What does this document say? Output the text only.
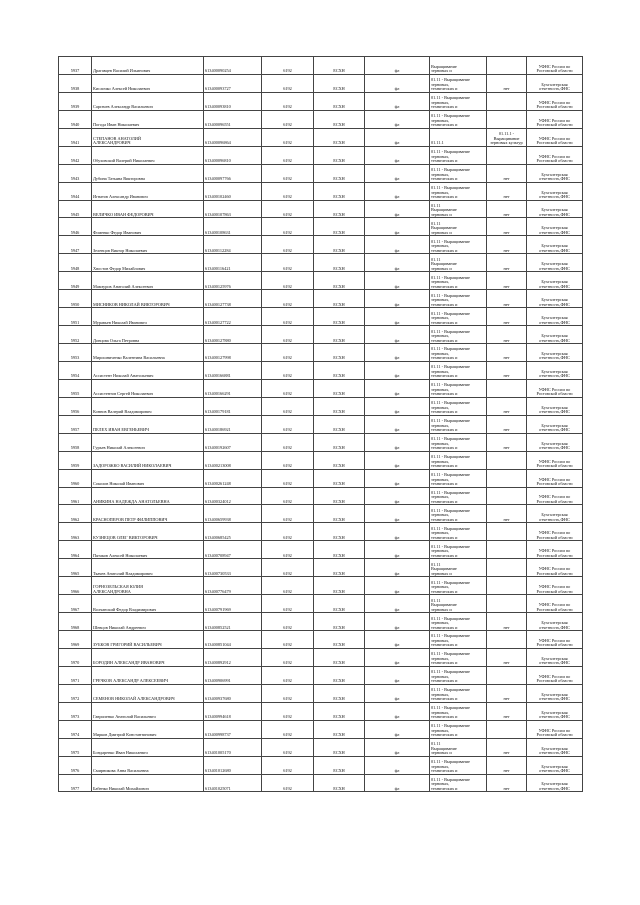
5937	Драгавцев Василий Ильинович	613400090254	6192	ЕСХН	фл	Выращивание
зерновых и		УФНС России по
Ростовской области
5938	Кисличко Алексей Николаевич	613400093727	6192	ЕСХН	фл	01.11 - Выращивание
зерновых,
технических и	нет	Бухгалтерская
отчетность,ФНС
5939	Саргачев Александр Васильевич	613400093810	6192	ЕСХН	фл	01.11 - Выращивание
зерновых,
технических и		УФНС России по
Ростовской области
5940	Погода Иван Николаевич	613400096551	6192	ЕСХН	фл	01.11 - Выращивание
зерновых,
технических и		УФНС России по
Ростовской области
5941	СТЕПАНОВ АНАТОЛИЙ
АЛЕКСАНДРОВИЧ	613400096864	6192	ЕСХН	фл	01.11.1	01.11.1 - Выращивание
зерновых культур	УФНС России по
Ростовской области
5942	Обуховский Валерий Николаевич	613400096810	6192	ЕСХН	фл	01.11 - Выращивание
зерновых,
технических и		УФНС России по
Ростовской области
5943	Дубина Татьяна Викторовна	613400097766	6192	ЕСХН	фл	01.11 - Выращивание
зерновых,
технических и	нет	Бухгалтерская
отчетность,ФНС
5944	Игнатов Александр Иванович	613400102460	6192	ЕСХН	фл	01.11 - Выращивание
зерновых,
технических и	нет	Бухгалтерская
отчетность,ФНС
5945	ВЕЛИЧКО ИВАН ФЕДОРОВИЧ	613400107863	6192	ЕСХН	фл	01.11
Выращивание
зерновых и	нет	Бухгалтерская
отчетность,ФНС
5946	Фоменко Федор Иванович	613400108631	6192	ЕСХН	фл	01.11
Выращивание
зерновых и	нет	Бухгалтерская
отчетность,ФНС
5947	Зеленцов Виктор Николаевич	613400112284	6192	ЕСХН	фл	01.11 - Выращивание
зерновых,
технических и	нет	Бухгалтерская
отчетность,ФНС
5948	Хвостов Федор Михайлович	613400116421	6192	ЕСХН	фл	01.11
Выращивание
зерновых и	нет	Бухгалтерская
отчетность,ФНС
5949	Мамзуров Анатолий Алексеевич	613400125976	6192	ЕСХН	фл	01.11 - Выращивание
зерновых,
технических и	нет	Бухгалтерская
отчетность,ФНС
5950	МИСНИКОВ НИКОЛАЙ ВИКТОРОВИЧ	613400127738	6192	ЕСХН	фл	01.11 - Выращивание
зерновых,
технических и	нет	Бухгалтерская
отчетность,ФНС
5951	Муравьев Николай Иванович	613400127722	6192	ЕСХН	фл	01.11 - Выращивание
зерновых,
технических и	нет	Бухгалтерская
отчетность,ФНС
5952	Донцова Ольга Петровна	613400127880	6192	ЕСХН	фл	01.11 - Выращивание
зерновых,
технических и	нет	Бухгалтерская
отчетность,ФНС
5953	Мирошниченко Валентина Васильевна	613400127998	6192	ЕСХН	фл	01.11 - Выращивание
зерновых,
технических и	нет	Бухгалтерская
отчетность,ФНС
5954	Ассистент Николай Анатольевич	613400166881	6192	ЕСХН	фл	01.11 - Выращивание
зерновых,
технических и	нет	Бухгалтерская
отчетность,ФНС
5955	Ассистентов Сергей Николаевич	613400166291	6192	ЕСХН	фл	01.11 - Выращивание
зерновых,
технических и		УФНС России по
Ростовской области
5956	Коннов Валерий Владимирович	613400179181	6192	ЕСХН	фл	01.11 - Выращивание
зерновых,
технических и	нет	Бухгалтерская
отчетность,ФНС
5957	ПЕЛЕХ ИВАН ЕВГЕНЬЕВИЧ	613400186921	6192	ЕСХН	фл	01.11 - Выращивание
зерновых,
технических и	нет	Бухгалтерская
отчетность,ФНС
5958	Гурьев Николай Алексеевич	613400192607	6192	ЕСХН	фл	01.11 - Выращивание
зерновых,
технических и	нет	Бухгалтерская
отчетность,ФНС
5959	ЗАДОРОЖКО ВАСИЛИЙ НИКОЛАЕВИЧ	613400213008	6192	ЕСХН	фл	01.11 - Выращивание
зерновых,
технических и		УФНС России по
Ростовской области
5960	Соколов Николай Иванович	613400261248	6192	ЕСХН	фл	01.11 - Выращивание
зерновых,
технических и		УФНС России по
Ростовской области
5961	АНИКИНА НАДЕЖДА АНАТОЛЬЕВНА	613400324012	6192	ЕСХН	фл	01.11 - Выращивание
зерновых,
технических и		УФНС России по
Ростовской области
5962	КРАСНОПЕРОВ ПЕТР ФИЛИППОВИЧ	613400659938	6192	ЕСХН	фл	01.11 - Выращивание
зерновых,
технических и	нет	Бухгалтерская
отчетность,ФНС
5963	КУЗНЕЦОВ ОЛЕГ ВИКТОРОВИЧ	613400685425	6192	ЕСХН	фл	01.11 - Выращивание
зерновых,
технических и		УФНС России по
Ростовской области
5964	Пятаков Алексей Николаевич	613400708947	6192	ЕСХН	фл	01.11 - Выращивание
зерновых,
технических и		УФНС России по
Ростовской области
5965	Ткачев Анатолий Владимирович	613400730533	6192	ЕСХН	фл	01.11
Выращивание
зерновых и		УФНС России по
Ростовской области
5966	ГОРНОЗЕЛЬСКАЯ ЮЛИЯ
АЛЕКСАНДРОВНА	613400776479	6192	ЕСХН	фл	01.11 - Выращивание
зерновых,
технических и		УФНС России по
Ростовской области
5967	Волчанский Федор Владимирович	613400791969	6192	ЕСХН	фл	01.11
Выращивание
зерновых и		УФНС России по
Ростовской области
5968	Шевцов Николай Андреевич	613400852521	6192	ЕСХН	фл	01.11 - Выращивание
зерновых,
технических и	нет	Бухгалтерская
отчетность,ФНС
5969	ЗУБКОВ ГРИГОРИЙ ВАСИЛЬЕВИЧ	613400851044	6192	ЕСХН	фл	01.11 - Выращивание
зерновых,
технических и		УФНС России по
Ростовской области
5970	БОРОДИН АЛЕКСАНДР ИВАНОВИЧ	613400892912	6192	ЕСХН	фл	01.11 - Выращивание
зерновых,
технических и	нет	Бухгалтерская
отчетность,ФНС
5971	ГРЕЧКОВ АЛЕКСАНДР АЛЕКСЕЕВИЧ	613400906991	6192	ЕСХН	фл	01.11 - Выращивание
зерновых,
технических и		УФНС России по
Ростовской области
5972	СЕМЕНОВ НИКОЛАЙ АЛЕКСАНДРОВИЧ	613400937680	6192	ЕСХН	фл	01.11 - Выращивание
зерновых,
технических и	нет	Бухгалтерская
отчетность,ФНС
5973	Гавриленко Анатолий Васильевич	613400994618	6192	ЕСХН	фл	01.11 - Выращивание
зерновых,
технических и	нет	Бухгалтерская
отчетность,ФНС
5974	Мирков Дмитрий Константинович	613400998737	6192	ЕСХН	фл	01.11 - Выращивание
зерновых,
технических и		УФНС России по
Ростовской области
5975	Бондаренко Иван Николаевич	613401005170	6192	ЕСХН	фл	01.11
Выращивание
зерновых и	нет	Бухгалтерская
отчетность,ФНС
5976	Смирникова Анна Васильевна	613401012680	6192	ЕСХН	фл	01.11 - Выращивание
зерновых,
технических и	нет	Бухгалтерская
отчетность,ФНС
5977	Бабенко Николай Михайлович	613401025071	6192	ЕСХН	фл	01.11 - Выращивание
зерновых,
технических и	нет	Бухгалтерская
отчетность,ФНС
